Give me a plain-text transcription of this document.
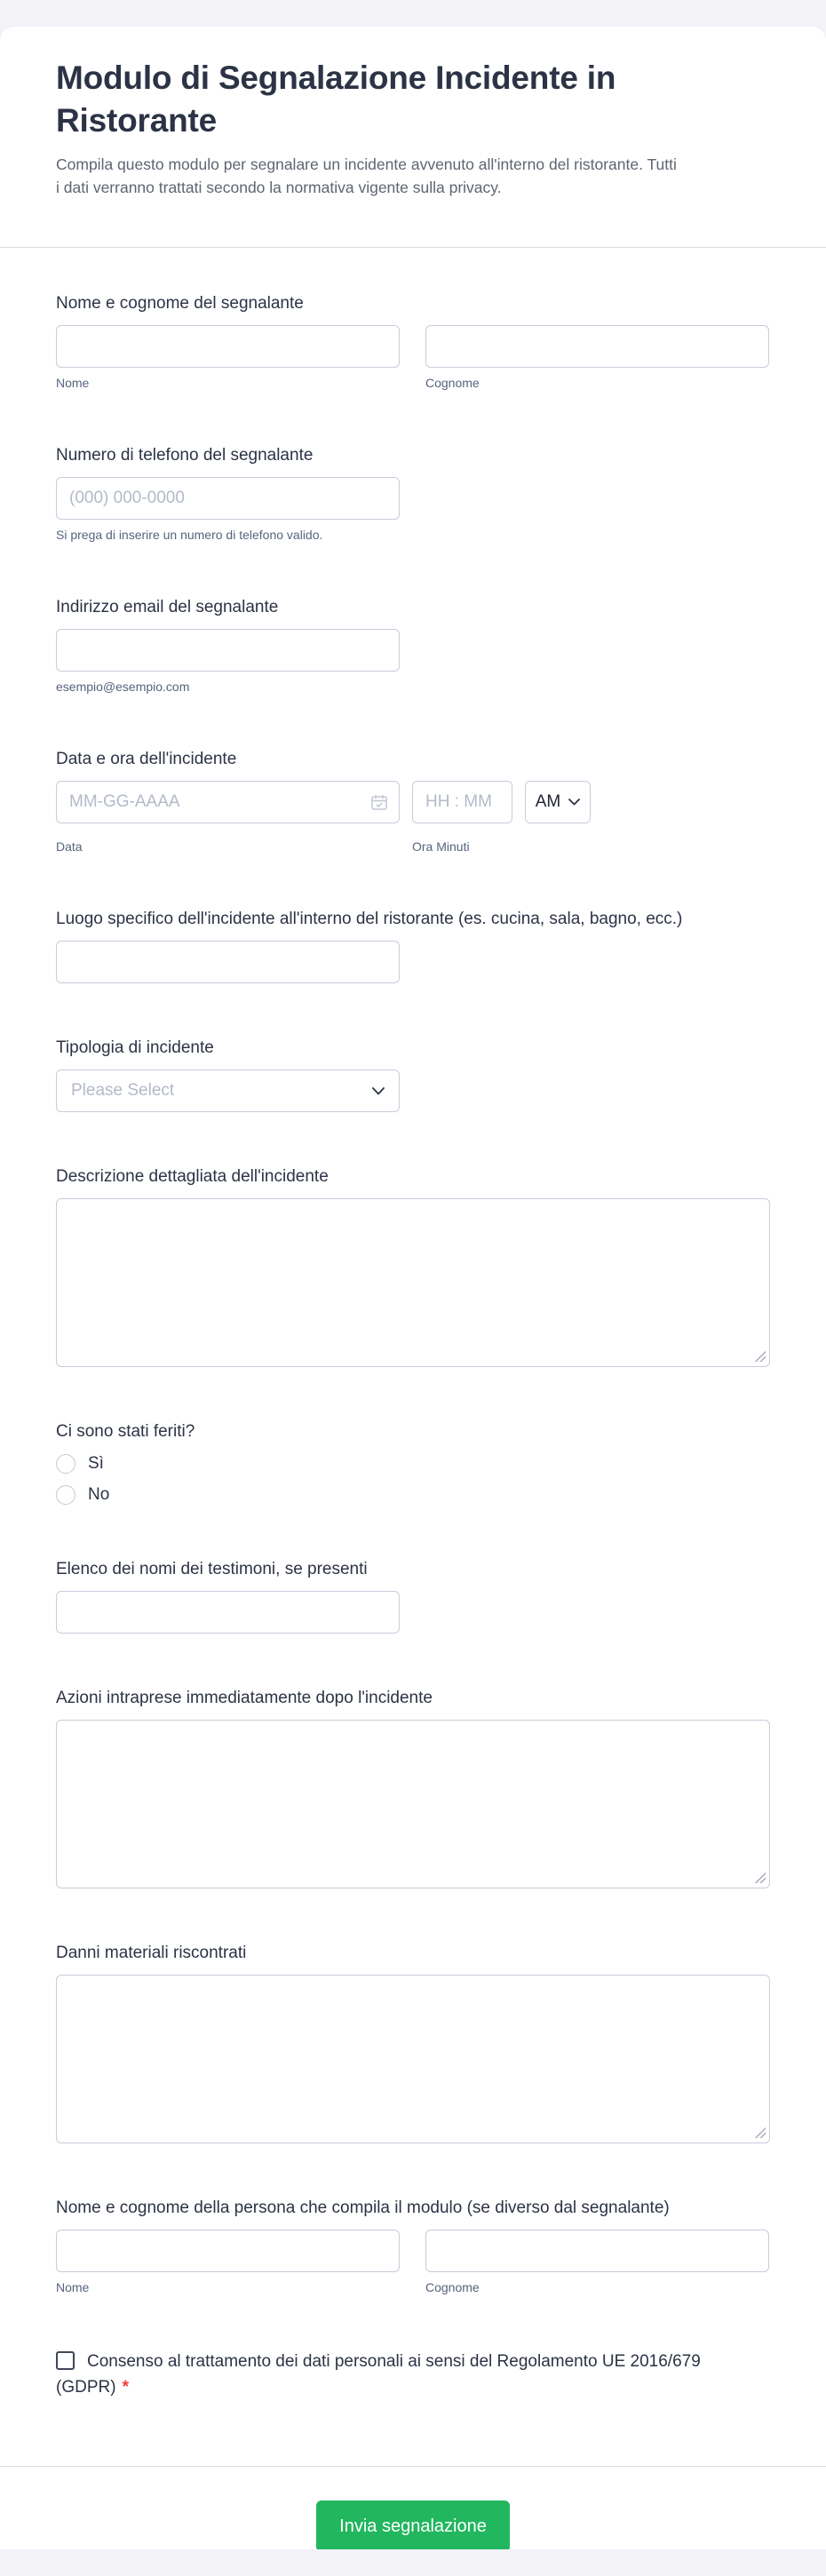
Modulo di Segnalazione Incidente in Ristorante

Compila questo modulo per segnalare un incidente avvenuto all'interno del ristorante. Tutti i dati verranno trattati secondo la normativa vigente sulla privacy.

Nome e cognome del segnalante
Nome	Cognome
Numero di telefono del segnalante
(000) 000-0000
Si prega di inserire un numero di telefono valido.
Indirizzo email del segnalante
esempio@esempio.com
Data e ora dell'incidente
MM-GG-AAAA
HH : MM
AM
Data	Ora Minuti
Luogo specifico dell'incidente all'interno del ristorante (es. cucina, sala, bagno, ecc.)
Tipologia di incidente
Please Select
Descrizione dettagliata dell'incidente
Ci sono stati feriti?
Sì
No
Elenco dei nomi dei testimoni, se presenti
Azioni intraprese immediatamente dopo l'incidente
Danni materiali riscontrati
Nome e cognome della persona che compila il modulo (se diverso dal segnalante)
Nome	Cognome
Consenso al trattamento dei dati personali ai sensi del Regolamento UE 2016/679 (GDPR) *
Invia segnalazione
